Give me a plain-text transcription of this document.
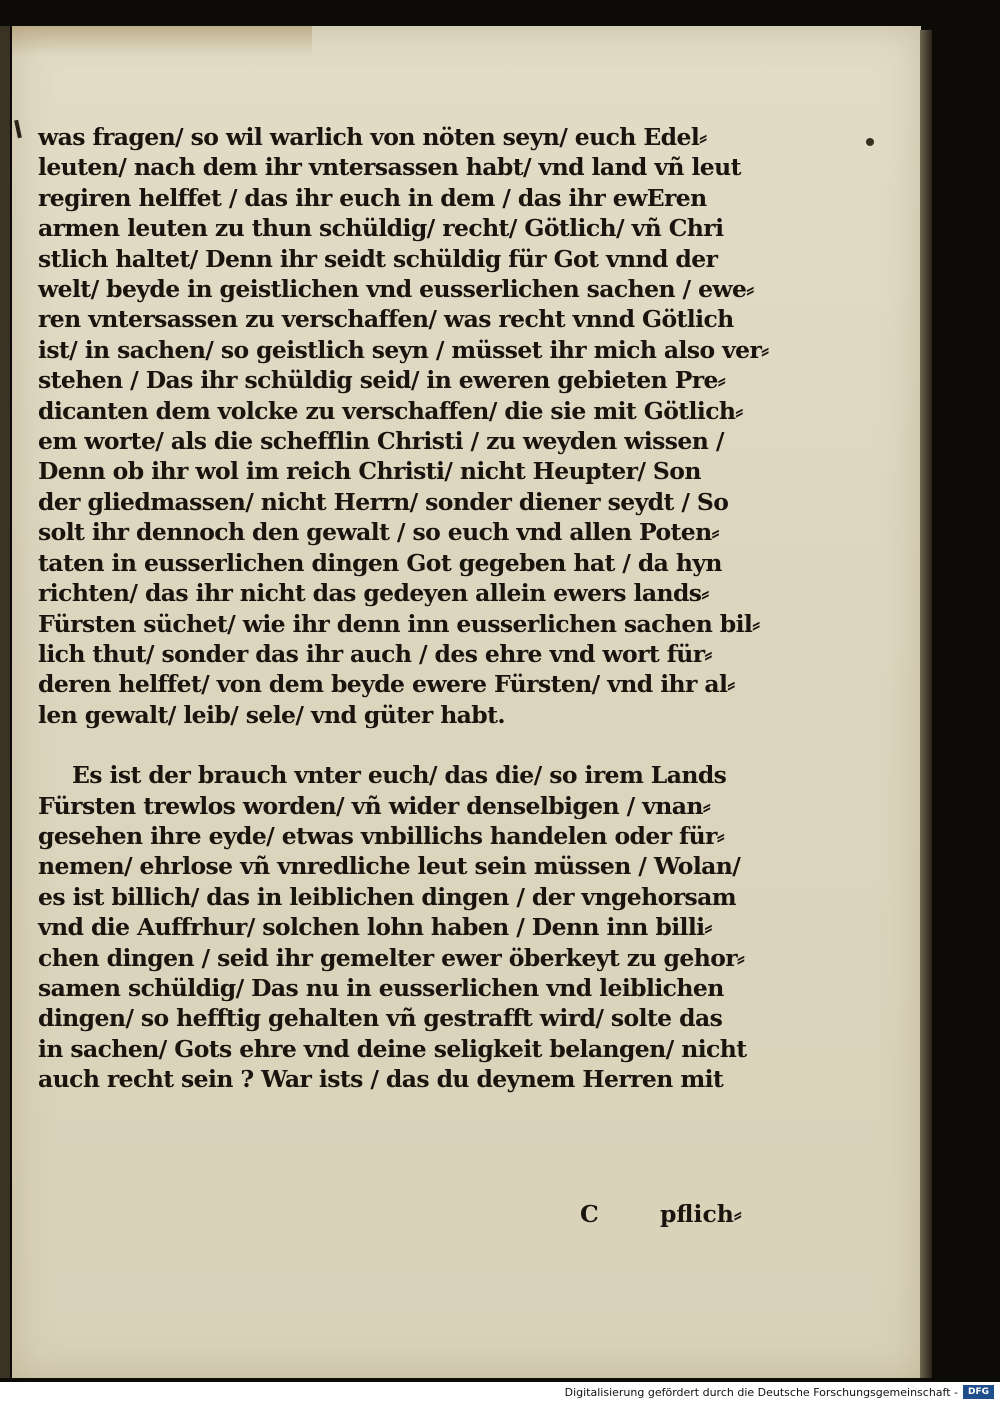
was fragen/ so wil warlich von nöten seyn/ euch Edel⸗
leuten/ nach dem ihr vntersassen habt/ vnd land vñ leut
regiren helffet / das ihr euch in dem / das ihr ewEren
armen leuten zu thun schüldig/ recht/ Götlich/ vñ Chri
stlich haltet/ Denn ihr seidt schüldig für Got vnnd der
welt/ beyde in geistlichen vnd eusserlichen sachen / ewe⸗
ren vntersassen zu verschaffen/ was recht vnnd Götlich
ist/ in sachen/ so geistlich seyn / müsset ihr mich also ver⸗
stehen / Das ihr schüldig seid/ in eweren gebieten Pre⸗
dicanten dem volcke zu verschaffen/ die sie mit Götlich⸗
em worte/ als die schefflin Christi / zu weyden wissen /
Denn ob ihr wol im reich Christi/ nicht Heupter/ Son
der gliedmassen/ nicht Herrn/ sonder diener seydt / So
solt ihr dennoch den gewalt / so euch vnd allen Poten⸗
taten in eusserlichen dingen Got gegeben hat / da hyn
richten/ das ihr nicht das gedeyen allein ewers lands⸗
Fürsten süchet/ wie ihr denn inn eusserlichen sachen bil⸗
lich thut/ sonder das ihr auch / des ehre vnd wort für⸗
deren helffet/ von dem beyde ewere Fürsten/ vnd ihr al⸗
len gewalt/ leib/ sele/ vnd güter habt.
Es ist der brauch vnter euch/ das die/ so irem Lands
Fürsten trewlos worden/ vñ wider denselbigen / vnan⸗
gesehen ihre eyde/ etwas vnbillichs handelen oder für⸗
nemen/ ehrlose vñ vnredliche leut sein müssen / Wolan/
es ist billich/ das in leiblichen dingen / der vngehorsam
vnd die Auffrhur/ solchen lohn haben / Denn inn billi⸗
chen dingen / seid ihr gemelter ewer öberkeyt zu gehor⸗
samen schüldig/ Das nu in eusserlichen vnd leiblichen
dingen/ so hefftig gehalten vñ gestrafft wird/ solte das
in sachen/ Gots ehre vnd deine seligkeit belangen/ nicht
auch recht sein ? War ists / das du deynem Herren mit
C	pflich⸗
Digitalisierung gefördert durch die Deutsche Forschungsgemeinschaft -	DFG
